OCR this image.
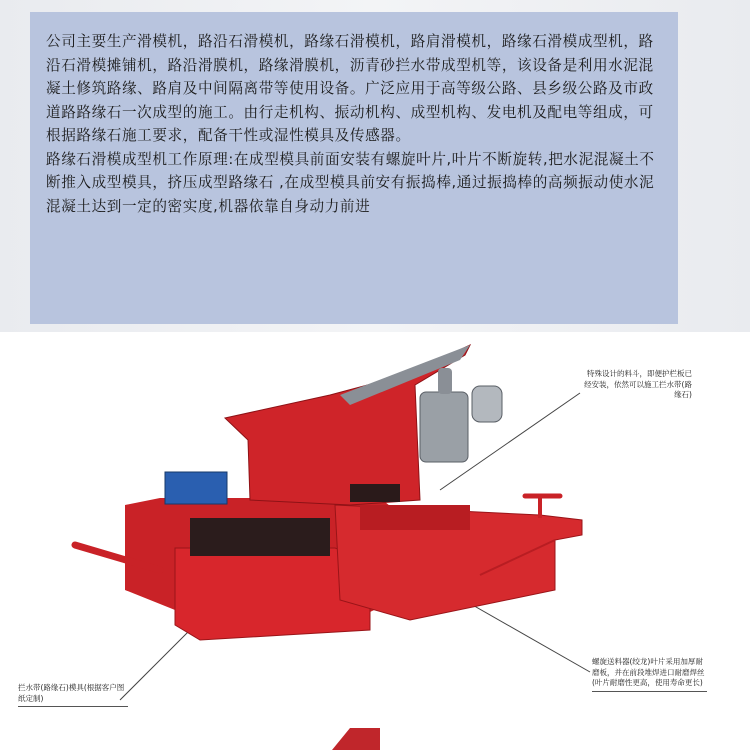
公司主要生产滑模机，路沿石滑模机，路缘石滑模机，路肩滑模机，路缘石滑模成型机，路沿石滑模摊铺机，路沿滑膜机，路缘滑膜机，沥青砂拦水带成型机等，该设备是利用水泥混凝土修筑路缘、路肩及中间隔离带等使用设备。广泛应用于高等级公路、县乡级公路及市政道路路缘石一次成型的施工。由行走机构、振动机构、成型机构、发电机及配电等组成，可根据路缘石施工要求，配备干性或湿性模具及传感器。

路缘石滑模成型机工作原理:在成型模具前面安装有螺旋叶片,叶片不断旋转,把水泥混凝土不断推入成型模具，挤压成型路缘石 ,在成型模具前安有振捣棒,通过振捣棒的高频振动使水泥混凝土达到一定的密实度,机器依靠自身动力前进

特殊设计的料斗，即便护栏板已经安装，依然可以施工拦水带(路缘石)
拦水带(路缘石)模具(根据客户图纸定制)
螺旋送料器(绞龙)叶片采用加厚耐磨板，并在前段堆焊进口耐磨焊丝(叶片耐磨性更高，使用寿命更长)
